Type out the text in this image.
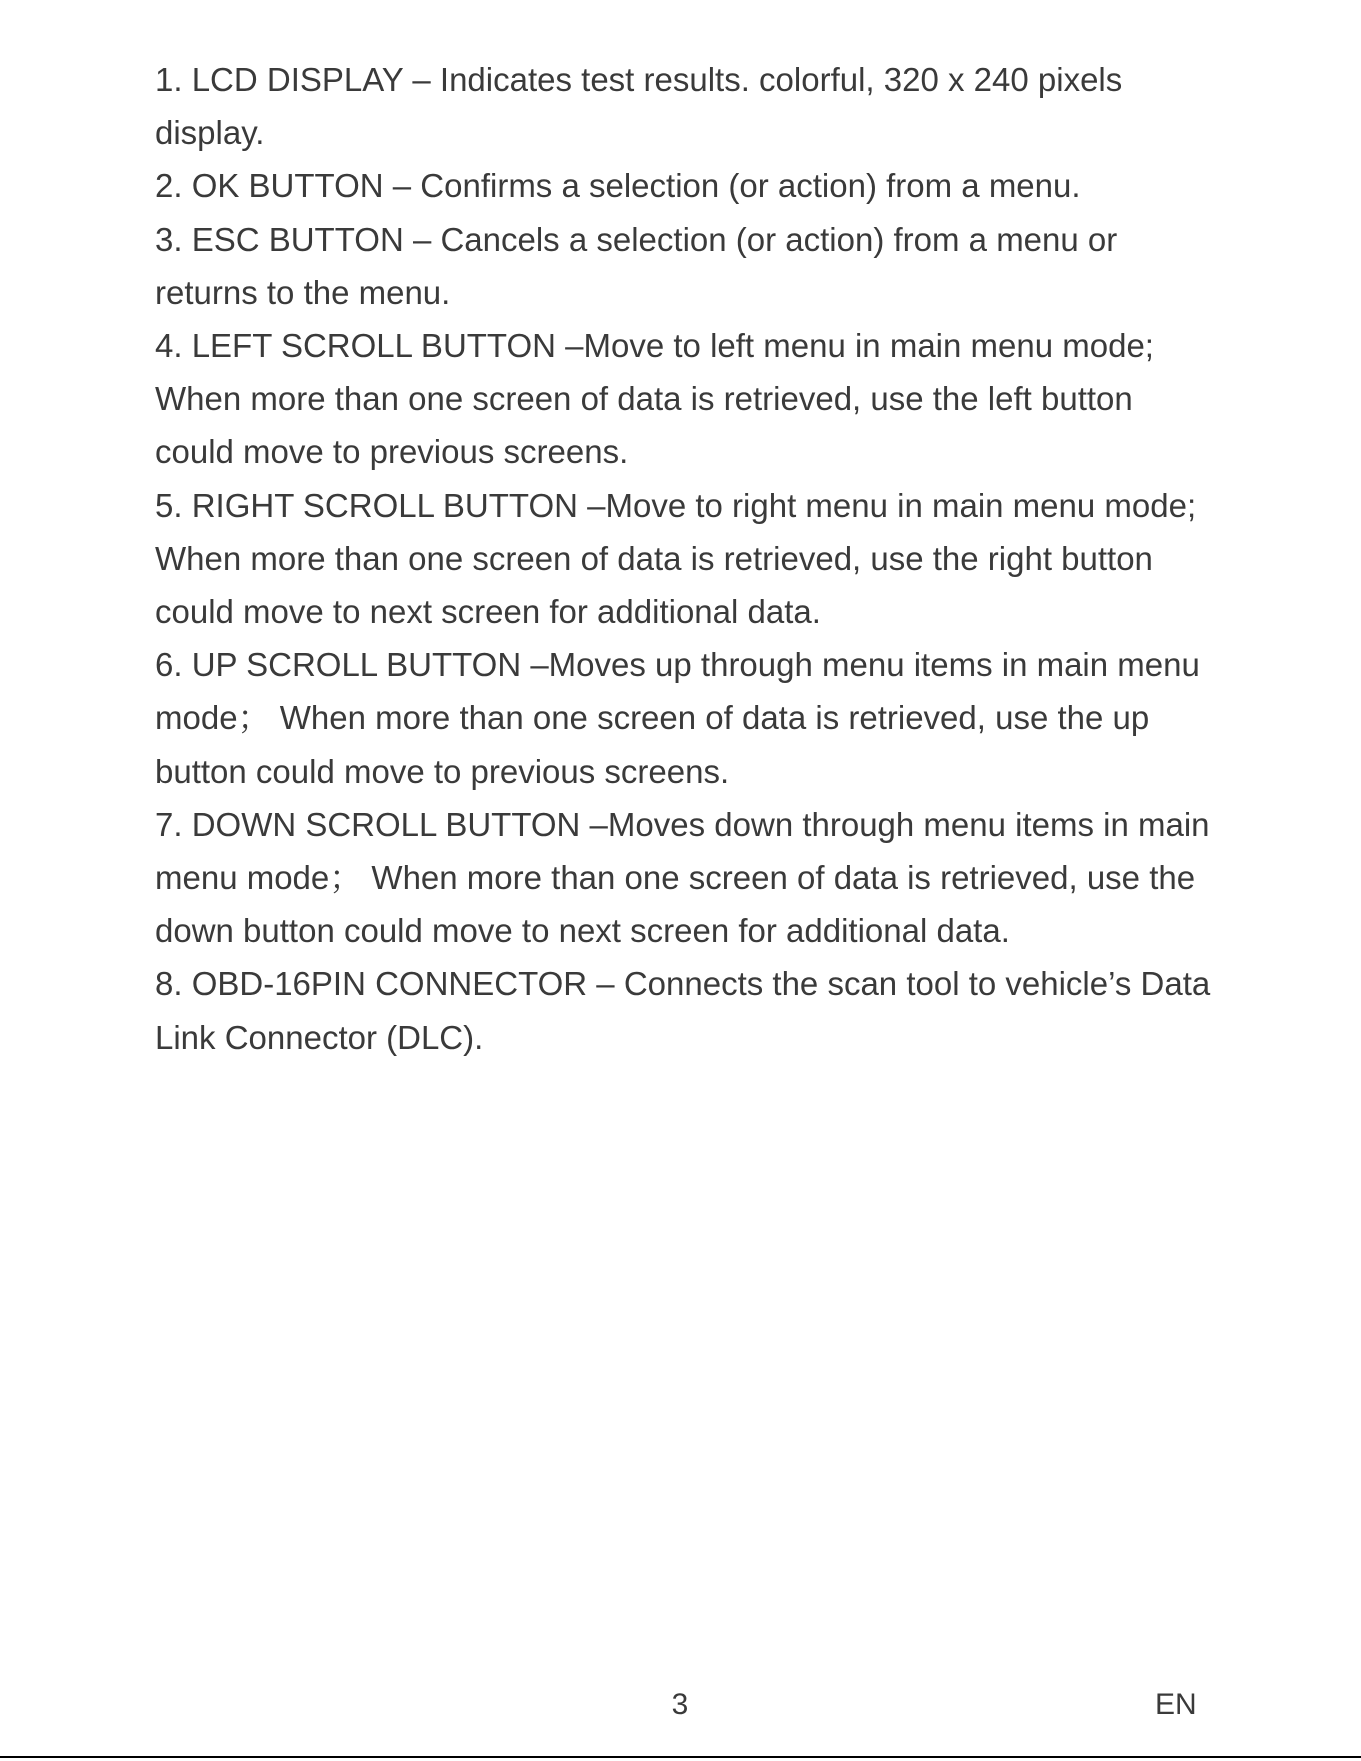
1. LCD DISPLAY – Indicates test results. colorful, 320 x 240 pixels display.

2. OK BUTTON – Confirms a selection (or action) from a menu.

3. ESC BUTTON – Cancels a selection (or action) from a menu or returns to the menu.

4. LEFT SCROLL BUTTON –Move to left menu in main menu mode; When more than one screen of data is retrieved, use the left button could move to previous screens.

5. RIGHT SCROLL BUTTON –Move to right menu in main menu mode; When more than one screen of data is retrieved, use the right button could move to next screen for additional data.

6. UP SCROLL BUTTON –Moves up through menu items in main menu mode； When more than one screen of data is retrieved, use the up button could move to previous screens.

7. DOWN SCROLL BUTTON –Moves down through menu items in main menu mode； When more than one screen of data is retrieved, use the down button could move to next screen for additional data.

8. OBD-16PIN CONNECTOR – Connects the scan tool to vehicle’s Data Link Connector (DLC).

3	EN
